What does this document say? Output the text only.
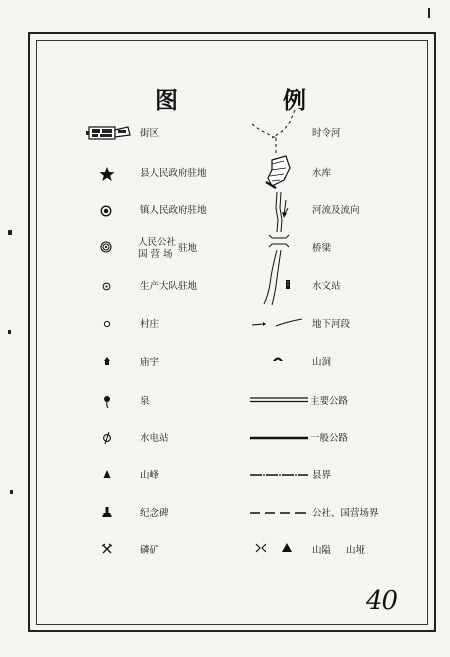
图	例
街区
县人民政府驻地
镇人民政府驻地
人民公社
国 营 场
驻地
生产大队驻地
村庄
庙宇
泉
水电站
山峰
纪念碑
磷矿
时令河
水库
河流及流向
桥梁
水文站
地下河段
山洞
主要公路
一般公路
县界
公社、国营场界
山隘 山垭
40
